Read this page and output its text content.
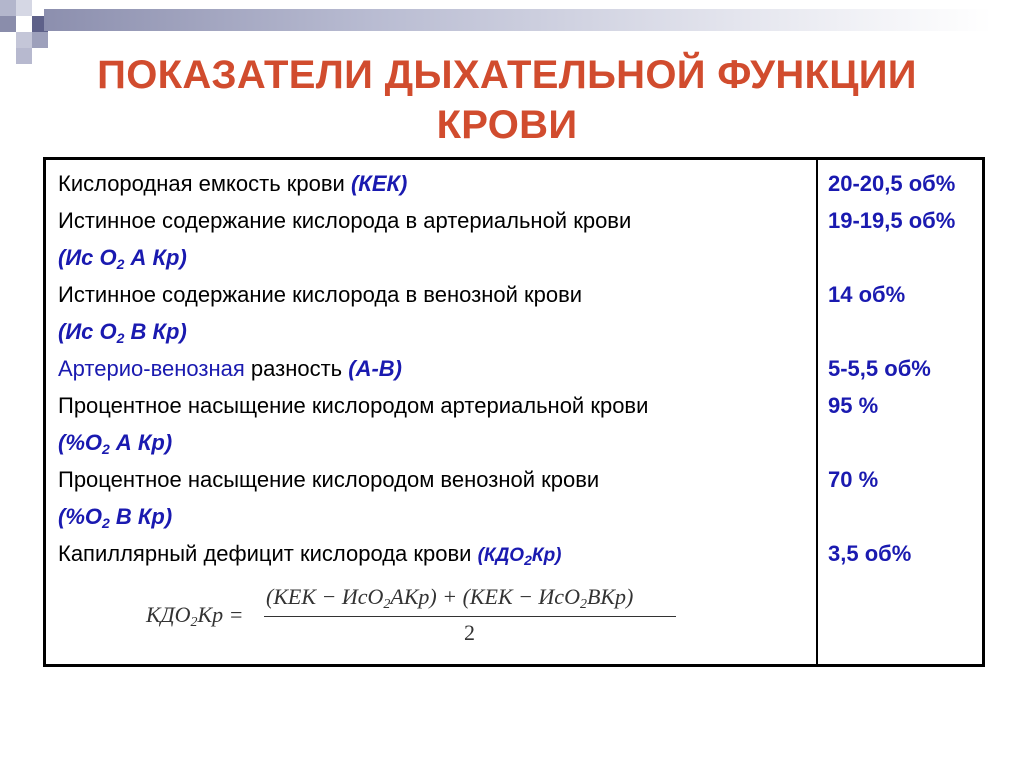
ПОКАЗАТЕЛИ ДЫХАТЕЛЬНОЙ ФУНКЦИИ
КРОВИ
Кислородная емкость крови (КЕК)	20-20,5 об%
Истинное содержание кислорода в артериальной крови	19-19,5 об%
(Ис $О_2$ А Кр)
Истинное содержание кислорода в венозной крови	14 об%
(Ис $О_2$ В Кр)
Артерио-венозная разность (А-В)	5-5,5 об%
Процентное насыщение кислородом артериальной крови	95 %
($\%О_2$ А Кр)
Процентное насыщение кислородом венозной крови	70 %
($\%О_2$ В Кр)
Капиллярный дефицит кислорода крови $(КДО_2Кр)$	3,5 об%
$КДО_2Кр$ =
(КЕК − ИсО$_2$АКр) + (КЕК − ИсО$_2$ВКр)
2
